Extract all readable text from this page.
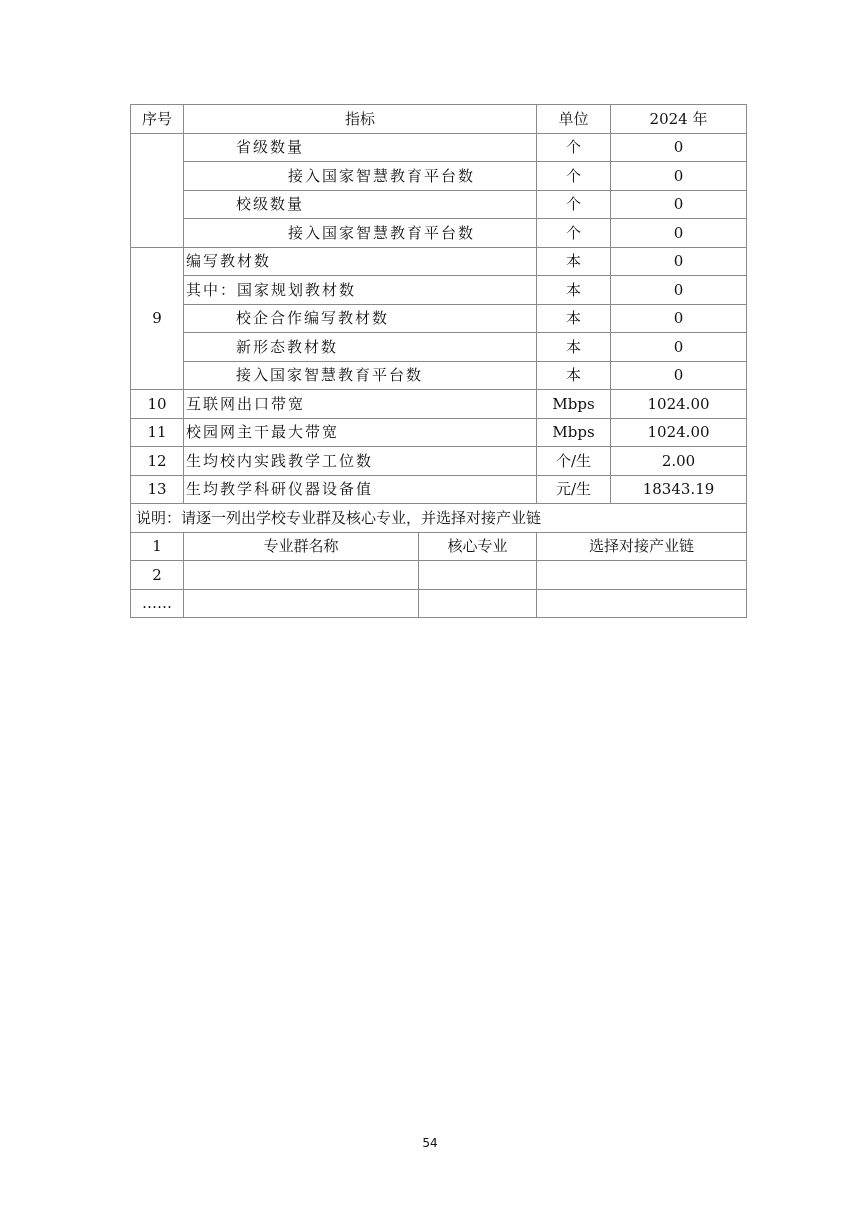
序号	指标		单位	2024 年
	省级数量		个	0
	接入国家智慧教育平台数		个	0
	校级数量		个	0
	接入国家智慧教育平台数		个	0
9	编写教材数		本	0
	其中：国家规划教材数		本	0
	校企合作编写教材数		本	0
	新形态教材数		本	0
	接入国家智慧教育平台数		本	0
10	互联网出口带宽		Mbps	1024.00
11	校园网主干最大带宽		Mbps	1024.00
12	生均校内实践教学工位数		个/生	2.00
13	生均教学科研仪器设备值		元/生	18343.19
说明：请逐一列出学校专业群及核心专业，并选择对接产业链				
1	专业群名称	核心专业	选择对接产业链	
2				
……				
54
